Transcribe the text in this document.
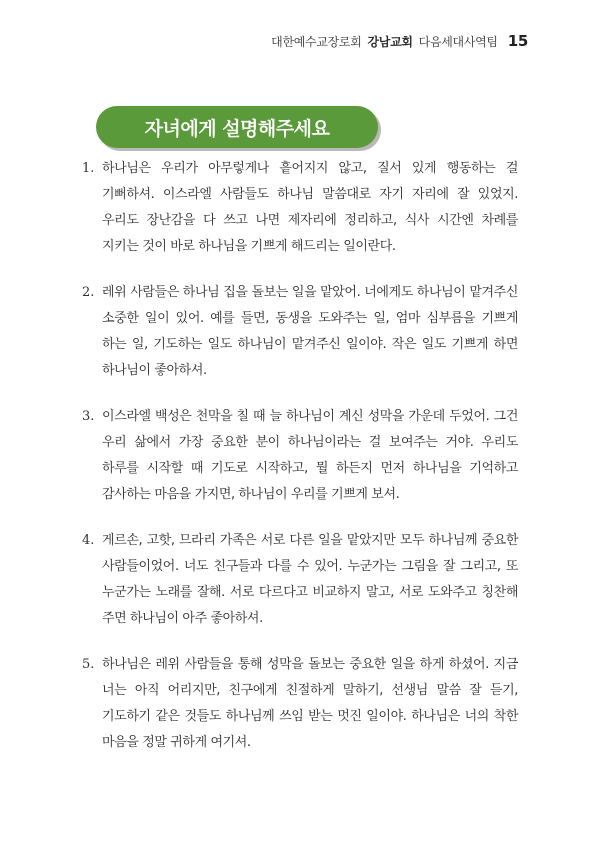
대한예수교장로회 강남교회 다음세대사역팀 15
자녀에게 설명해주세요
1. 하나님은 우리가 아무렇게나 흩어지지 않고, 질서 있게 행동하는 걸 기뻐하셔. 이스라엘 사람들도 하나님 말씀대로 자기 자리에 잘 있었지. 우리도 장난감을 다 쓰고 나면 제자리에 정리하고, 식사 시간엔 차례를 지키는 것이 바로 하나님을 기쁘게 해드리는 일이란다.
2. 레위 사람들은 하나님 집을 돌보는 일을 맡았어. 너에게도 하나님이 맡겨주신 소중한 일이 있어. 예를 들면, 동생을 도와주는 일, 엄마 심부름을 기쁘게 하는 일, 기도하는 일도 하나님이 맡겨주신 일이야. 작은 일도 기쁘게 하면 하나님이 좋아하셔.
3. 이스라엘 백성은 천막을 칠 때 늘 하나님이 계신 성막을 가운데 두었어. 그건 우리 삶에서 가장 중요한 분이 하나님이라는 걸 보여주는 거야. 우리도 하루를 시작할 때 기도로 시작하고, 뭘 하든지 먼저 하나님을 기억하고 감사하는 마음을 가지면, 하나님이 우리를 기쁘게 보셔.
4. 게르손, 고핫, 므라리 가족은 서로 다른 일을 맡았지만 모두 하나님께 중요한 사람들이었어. 너도 친구들과 다를 수 있어. 누군가는 그림을 잘 그리고, 또 누군가는 노래를 잘해. 서로 다르다고 비교하지 말고, 서로 도와주고 칭찬해 주면 하나님이 아주 좋아하셔.
5. 하나님은 레위 사람들을 통해 성막을 돌보는 중요한 일을 하게 하셨어. 지금 너는 아직 어리지만, 친구에게 친절하게 말하기, 선생님 말씀 잘 듣기, 기도하기 같은 것들도 하나님께 쓰임 받는 멋진 일이야. 하나님은 너의 착한 마음을 정말 귀하게 여기셔.
